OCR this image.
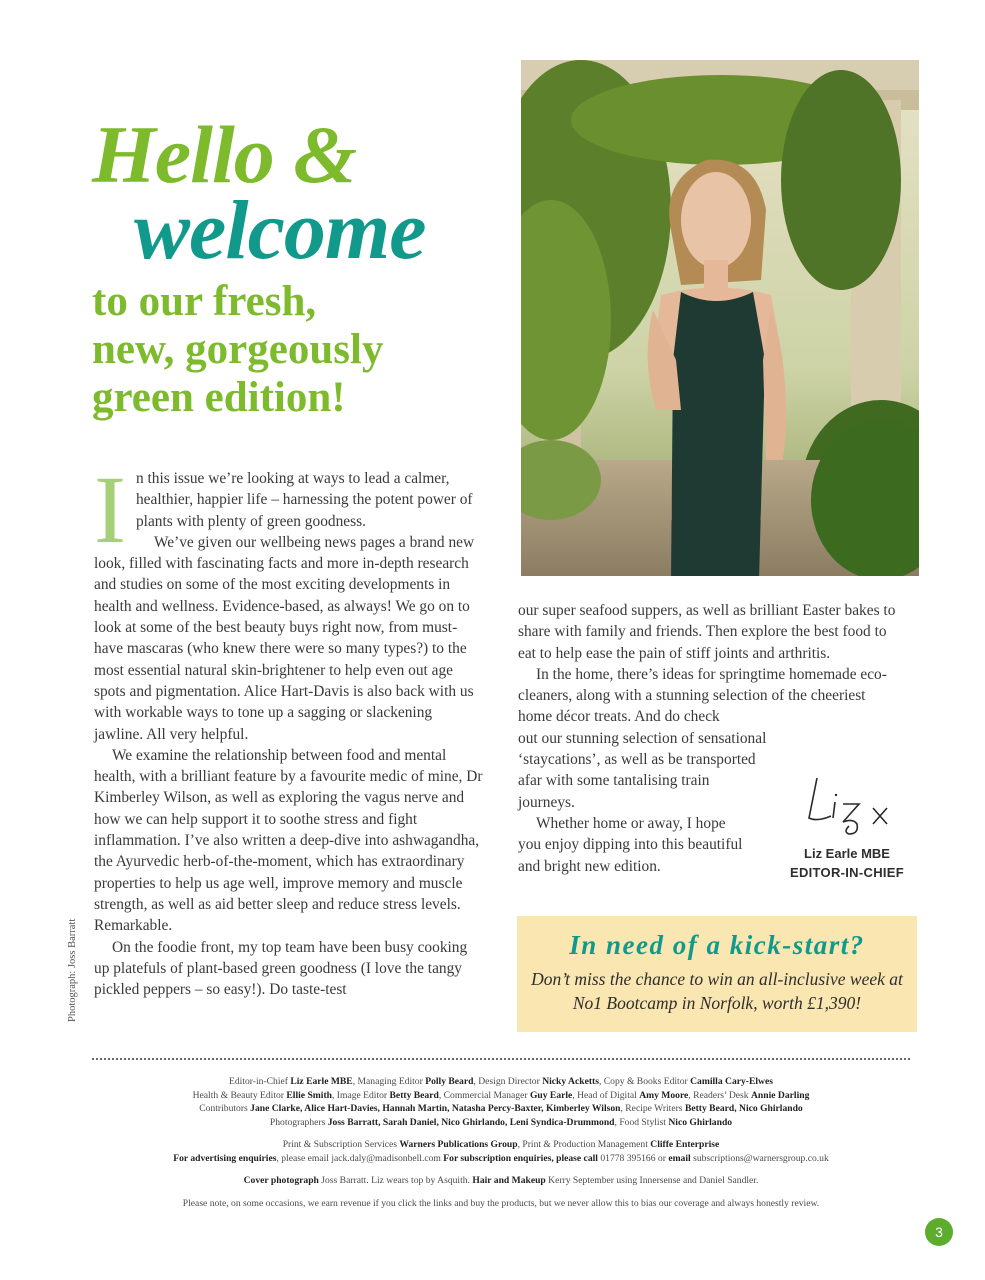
Hello &
welcome
to our fresh,
new, gorgeously
green edition!

In this issue we’re looking at ways to lead a calmer, healthier, happier life – harnessing the potent power of plants with plenty of green goodness.

We’ve given our wellbeing news pages a brand new look, filled with fascinating facts and more in-depth research and studies on some of the most exciting developments in health and wellness. Evidence-based, as always! We go on to look at some of the best beauty buys right now, from must-have mascaras (who knew there were so many types?) to the most essential natural skin-brightener to help even out age spots and pigmentation. Alice Hart-Davis is also back with us with workable ways to tone up a sagging or slackening jawline. All very helpful.

We examine the relationship between food and mental health, with a brilliant feature by a favourite medic of mine, Dr Kimberley Wilson, as well as exploring the vagus nerve and how we can help support it to soothe stress and fight inflammation. I’ve also written a deep-dive into ashwagandha, the Ayurvedic herb-of-the-moment, which has extraordinary properties to help us age well, improve memory and muscle strength, as well as aid better sleep and reduce stress levels. Remarkable.

On the foodie front, my top team have been busy cooking up platefuls of plant-based green goodness (I love the tangy pickled peppers – so easy!). Do taste-test

our super seafood suppers, as well as brilliant Easter bakes to share with family and friends. Then explore the best food to eat to help ease the pain of stiff joints and arthritis.

In the home, there’s ideas for springtime homemade eco-cleaners, along with a stunning selection of the cheeriest home décor treats. And do check

out our stunning selection of sensational ‘staycations’, as well as be transported afar with some tantalising train journeys.

Whether home or away, I hope you enjoy dipping into this beautiful and bright new edition.

Liz Earle MBE
EDITOR-IN-CHIEF
In need of a kick-start?
Don’t miss the chance to win an all-inclusive week at No1 Bootcamp in Norfolk, worth £1,390!
Photograph: Joss Barratt
Editor-in-Chief Liz Earle MBE, Managing Editor Polly Beard, Design Director Nicky Acketts, Copy & Books Editor Camilla Cary-Elwes
Health & Beauty Editor Ellie Smith, Image Editor Betty Beard, Commercial Manager Guy Earle, Head of Digital Amy Moore, Readers’ Desk Annie Darling
Contributors Jane Clarke, Alice Hart-Davies, Hannah Martin, Natasha Percy-Baxter, Kimberley Wilson, Recipe Writers Betty Beard, Nico Ghirlando
Photographers Joss Barratt, Sarah Daniel, Nico Ghirlando, Leni Syndica-Drummond, Food Stylist Nico Ghirlando
Print & Subscription Services Warners Publications Group, Print & Production Management Cliffe Enterprise
For advertising enquiries, please email jack.daly@madisonbell.com For subscription enquiries, please call 01778 395166 or email subscriptions@warnersgroup.co.uk
Cover photograph Joss Barratt. Liz wears top by Asquith. Hair and Makeup Kerry September using Innersense and Daniel Sandler.
Please note, on some occasions, we earn revenue if you click the links and buy the products, but we never allow this to bias our coverage and always honestly review.
3
